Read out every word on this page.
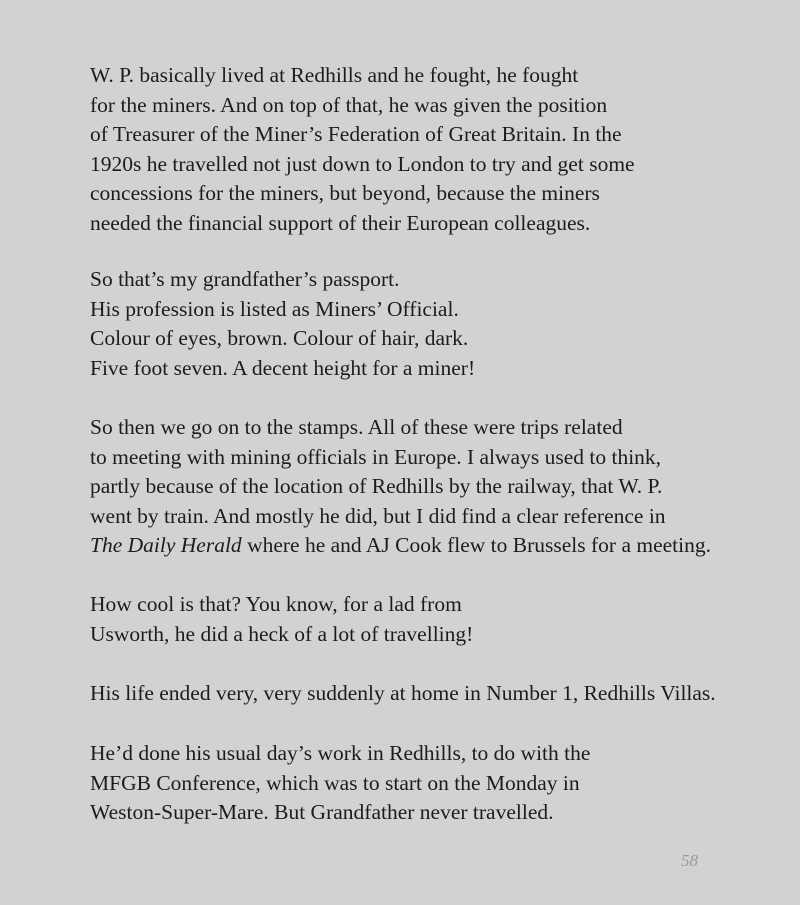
W. P. basically lived at Redhills and he fought, he fought
for the miners. And on top of that, he was given the position
of Treasurer of the Miner’s Federation of Great Britain. In the
1920s he travelled not just down to London to try and get some
concessions for the miners, but beyond, because the miners
needed the financial support of their European colleagues.
So that’s my grandfather’s passport.
His profession is listed as Miners’ Official.
Colour of eyes, brown. Colour of hair, dark.
Five foot seven. A decent height for a miner!
So then we go on to the stamps. All of these were trips related
to meeting with mining officials in Europe. I always used to think,
partly because of the location of Redhills by the railway, that W. P.
went by train. And mostly he did, but I did find a clear reference in
The Daily Herald where he and AJ Cook flew to Brussels for a meeting.
How cool is that? You know, for a lad from
Usworth, he did a heck of a lot of travelling!
His life ended very, very suddenly at home in Number 1, Redhills Villas.
He’d done his usual day’s work in Redhills, to do with the
MFGB Conference, which was to start on the Monday in
Weston-Super-Mare. But Grandfather never travelled.
58
